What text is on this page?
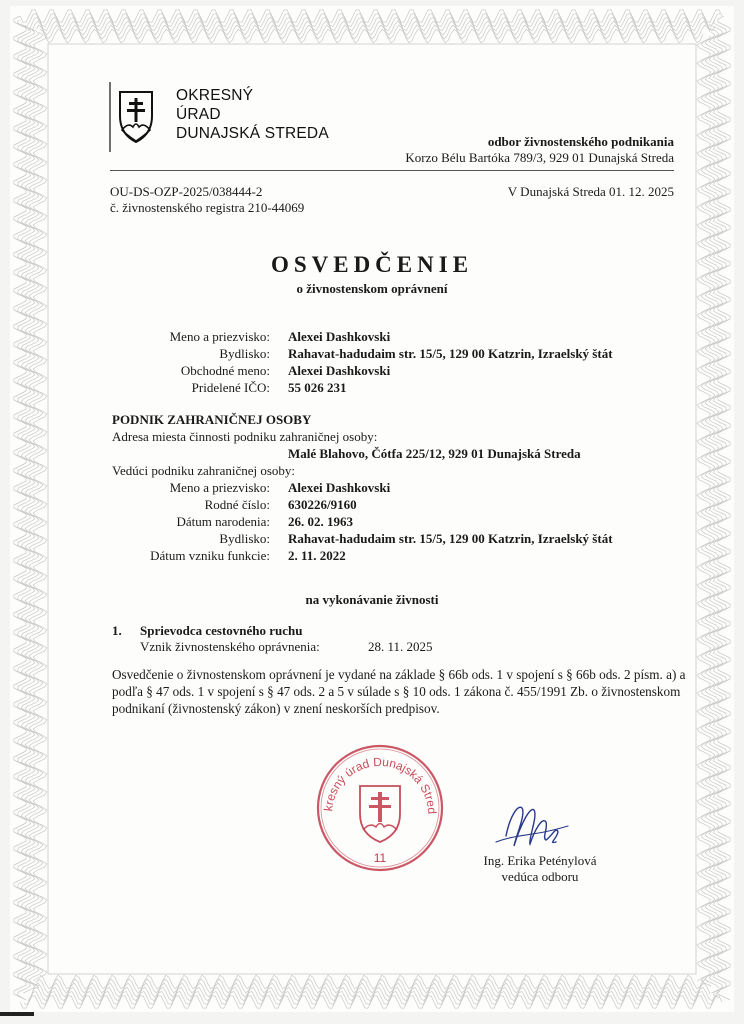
OKRESNÝ
ÚRAD
DUNAJSKÁ STREDA	odbor živnostenského podnikania
Korzo Bélu Bartóka 789/3, 929 01 Dunajská Streda
OU-DS-OZP-2025/038444-2
č. živnostenského registra 210-44069
V Dunajská Streda 01. 12. 2025
OSVEDČENIE
o živnostenskom oprávnení
Meno a priezvisko: Alexei Dashkovski
Bydlisko: Rahavat-hadudaim str. 15/5, 129 00 Katzrin, Izraelský štát
Obchodné meno: Alexei Dashkovski
Pridelené IČO: 55 026 231
PODNIK ZAHRANIČNEJ OSOBY
Adresa miesta činnosti podniku zahraničnej osoby:
Malé Blahovo, Čótfa 225/12, 929 01 Dunajská Streda
Vedúci podniku zahraničnej osoby:
Meno a priezvisko: Alexei Dashkovski
Rodné číslo: 630226/9160
Dátum narodenia: 26. 02. 1963
Bydlisko: Rahavat-hadudaim str. 15/5, 129 00 Katzrin, Izraelský štát
Dátum vzniku funkcie: 2. 11. 2022
na vykonávanie živnosti
1. Sprievodca cestovného ruchu
Vznik živnostenského oprávnenia:	28. 11. 2025
Osvedčenie o živnostenskom oprávnení je vydané na základe § 66b ods. 1 v spojení s § 66b ods. 2 písm. a) a podľa § 47 ods. 1 v spojení s § 47 ods. 2 a 5 v súlade s § 10 ods. 1 zákona č. 455/1991 Zb. o živnostenskom podnikaní (živnostenský zákon) v znení neskorších predpisov.
kresný úrad Dunajská Stred
11	Ing. Erika Peténylová
vedúca odboru
